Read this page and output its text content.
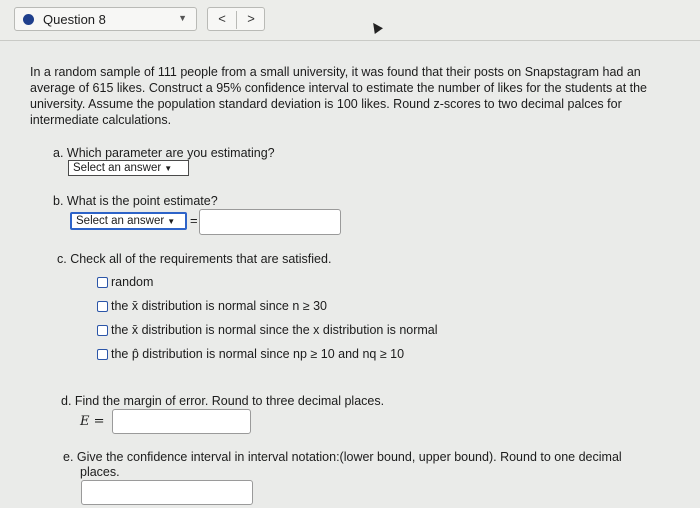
Question 8	▼	<	>
In a random sample of 111 people from a small university, it was found that their posts on Snapstagram had an average of 615 likes. Construct a 95% confidence interval to estimate the number of likes for the students at the university. Assume the population standard deviation is 100 likes. Round z-scores to two decimal palces for intermediate calculations.
a. Which parameter are you estimating?
Select an answer ▼
b. What is the point estimate?
Select an answer ▼	=
c. Check all of the requirements that are satisfied.
random
the x̄ distribution is normal since n ≥ 30
the x̄ distribution is normal since the x distribution is normal
the p̂ distribution is normal since np ≥ 10 and nq ≥ 10
d. Find the margin of error. Round to three decimal places.
E =
e. Give the confidence interval in interval notation:(lower bound, upper bound). Round to one decimal
places.
